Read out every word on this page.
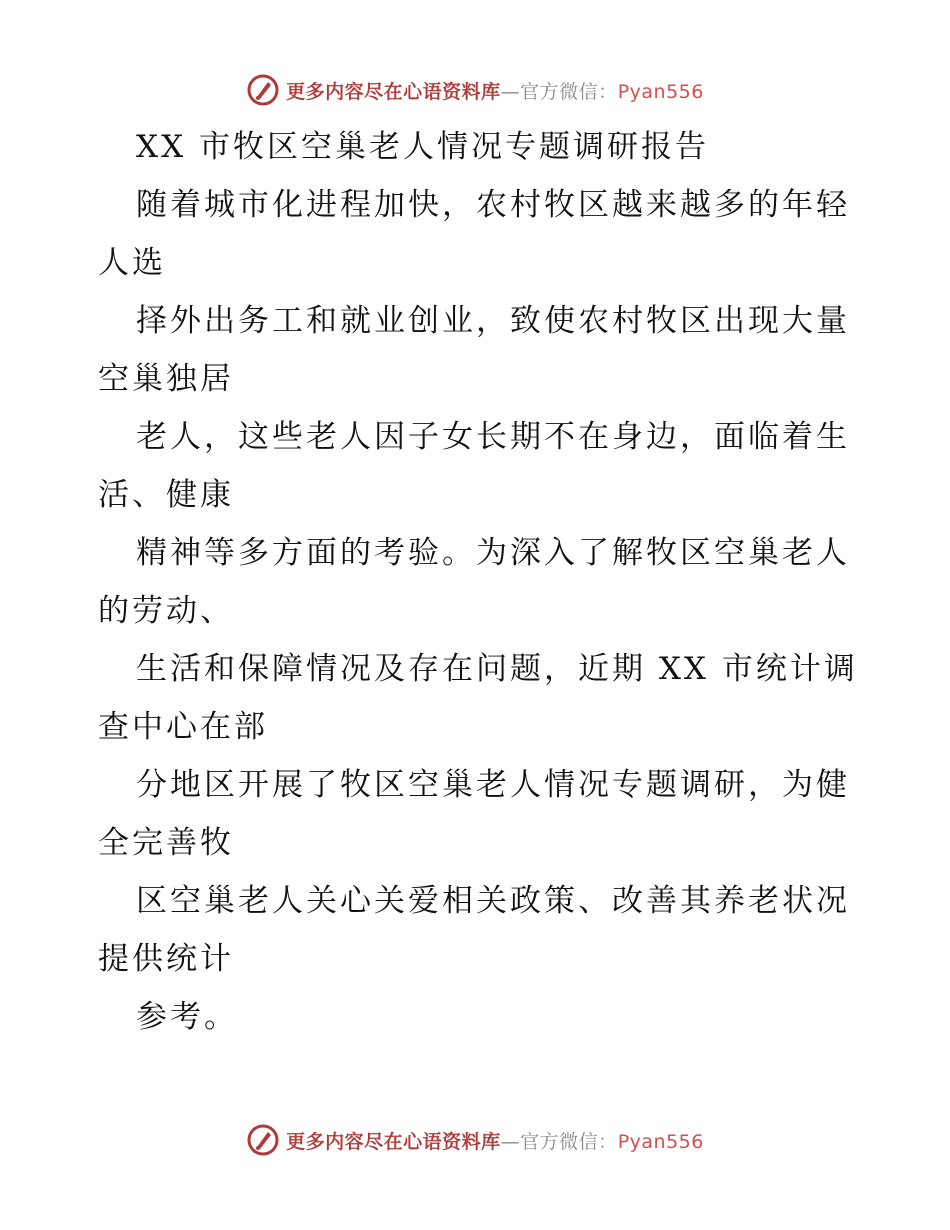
更多内容尽在心语资料库—官方微信：Pyan556
XX 市牧区空巢老人情况专题调研报告
随着城市化进程加快，农村牧区越来越多的年轻
人选
择外出务工和就业创业，致使农村牧区出现大量
空巢独居
老人，这些老人因子女长期不在身边，面临着生
活、健康
精神等多方面的考验。为深入了解牧区空巢老人
的劳动、
生活和保障情况及存在问题，近期 XX 市统计调
查中心在部
分地区开展了牧区空巢老人情况专题调研，为健
全完善牧
区空巢老人关心关爱相关政策、改善其养老状况
提供统计
参考。
更多内容尽在心语资料库—官方微信：Pyan556
